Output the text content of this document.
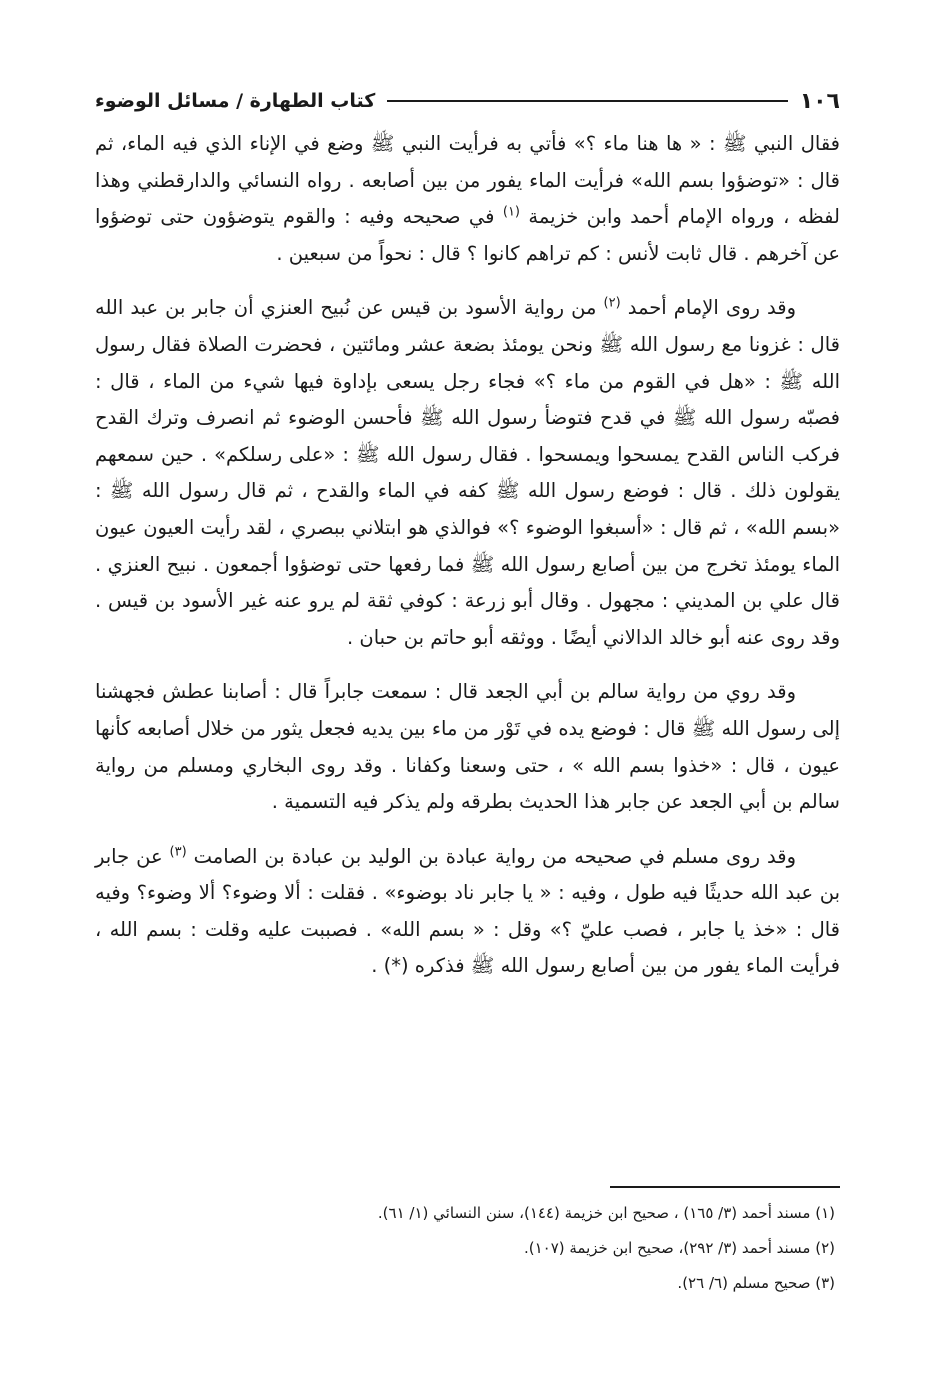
١٠٦
كتاب الطهارة / مسائل الوضوء

فقال النبي ﷺ : « ها هنا ماء ؟» فأتي به فرأيت النبي ﷺ وضع في الإناء الذي فيه الماء، ثم قال : «توضؤوا بسم الله» فرأيت الماء يفور من بين أصابعه . رواه النسائي والدارقطني وهذا لفظه ، ورواه الإمام أحمد وابن خزيمة $^{(١)}$ في صحيحه وفيه : والقوم يتوضؤون حتى توضؤوا عن آخرهم . قال ثابت لأنس : كم تراهم كانوا ؟ قال : نحواً من سبعين .

وقد روى الإمام أحمد $^{(٢)}$ من رواية الأسود بن قيس عن نُبيح العنزي أن جابر بن عبد الله قال : غزونا مع رسول الله ﷺ ونحن يومئذ بضعة عشر ومائتين ، فحضرت الصلاة فقال رسول الله ﷺ : «هل في القوم من ماء ؟» فجاء رجل يسعى بإداوة فيها شيء من الماء ، قال : فصبّه رسول الله ﷺ في قدح فتوضأ رسول الله ﷺ فأحسن الوضوء ثم انصرف وترك القدح فركب الناس القدح يمسحوا ويمسحوا . فقال رسول الله ﷺ : «على رسلكم» . حين سمعهم يقولون ذلك . قال : فوضع رسول الله ﷺ كفه في الماء والقدح ، ثم قال رسول الله ﷺ : «بسم الله» ، ثم قال : «أسبغوا الوضوء ؟» فوالذي هو ابتلاني ببصري ، لقد رأيت العيون عيون الماء يومئذ تخرج من بين أصابع رسول الله ﷺ فما رفعها حتى توضؤوا أجمعون . نبيح العنزي . قال علي بن المديني : مجهول . وقال أبو زرعة : كوفي ثقة لم يرو عنه غير الأسود بن قيس . وقد روى عنه أبو خالد الدالاني أيضًا . ووثقه أبو حاتم بن حبان .

وقد روي من رواية سالم بن أبي الجعد قال : سمعت جابراً قال : أصابنا عطش فجهشنا إلى رسول الله ﷺ قال : فوضع يده في تَوْر من ماء بين يديه فجعل يثور من خلال أصابعه كأنها عيون ، قال : «خذوا بسم الله » ، حتى وسعنا وكفانا . وقد روى البخاري ومسلم من رواية سالم بن أبي الجعد عن جابر هذا الحديث بطرقه ولم يذكر فيه التسمية .

وقد روى مسلم في صحيحه من رواية عبادة بن الوليد بن عبادة بن الصامت $^{(٣)}$ عن جابر بن عبد الله حديثًا فيه طول ، وفيه : « يا جابر ناد بوضوء» . فقلت : ألا وضوء؟ ألا وضوء؟ وفيه قال : «خذ يا جابر ، فصب عليّ ؟» وقل : « بسم الله» . فصببت عليه وقلت : بسم الله ، فرأيت الماء يفور من بين أصابع رسول الله ﷺ فذكره (*) .

(١) مسند أحمد (٣/ ١٦٥) ، صحيح ابن خزيمة (١٤٤)، سنن النسائي (١/ ٦١).

(٢) مسند أحمد (٣/ ٢٩٢)، صحيح ابن خزيمة (١٠٧).

(٣) صحيح مسلم (٦/ ٢٦).
